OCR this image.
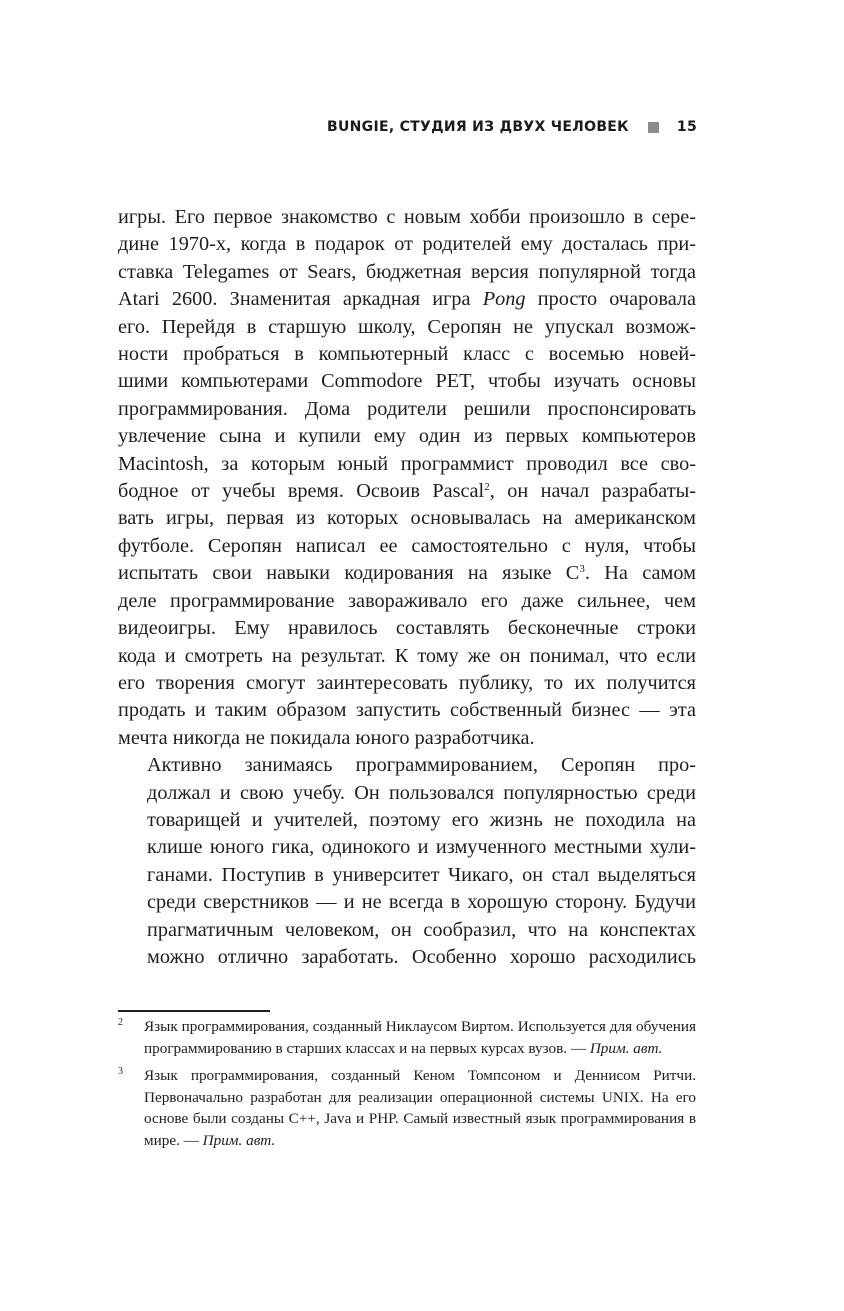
BUNGIE, СТУДИЯ ИЗ ДВУХ ЧЕЛОВЕК	15

игры. Его первое знакомство с новым хобби произошло в сере-
дине 1970-х, когда в подарок от родителей ему досталась при-
ставка Telegames от Sears, бюджетная версия популярной тогда
Atari 2600. Знаменитая аркадная игра Pong просто очаровала
его. Перейдя в старшую школу, Серопян не упускал возмож-
ности пробраться в компьютерный класс с восемью новей-
шими компьютерами Commodore PET, чтобы изучать основы
программирования. Дома родители решили проспонсировать
увлечение сына и купили ему один из первых компьютеров
Macintosh, за которым юный программист проводил все сво-
бодное от учебы время. Освоив Pascal$^2$, он начал разрабаты-
вать игры, первая из которых основывалась на американском
футболе. Серопян написал ее самостоятельно с нуля, чтобы
испытать свои навыки кодирования на языке $C^3$. На самом
деле программирование завораживало его даже сильнее, чем
видеоигры. Ему нравилось составлять бесконечные строки
кода и смотреть на результат. К тому же он понимал, что если
его творения смогут заинтересовать публику, то их получится
продать и таким образом запустить собственный бизнес — эта
мечта никогда не покидала юного разработчика.

Активно занимаясь программированием, Серопян про-
должал и свою учебу. Он пользовался популярностью среди
товарищей и учителей, поэтому его жизнь не походила на
клише юного гика, одинокого и измученного местными хули-
ганами. Поступив в университет Чикаго, он стал выделяться
среди сверстников — и не всегда в хорошую сторону. Будучи
прагматичным человеком, он сообразил, что на конспектах
можно отлично заработать. Особенно хорошо расходились

2 Язык программирования, созданный Никлаусом Виртом. Используется для обучения программированию в старших классах и на первых курсах вузов. — Прим. авт.

3 Язык программирования, созданный Кеном Томпсоном и Деннисом Ритчи. Первоначально разработан для реализации операционной системы UNIX. На его основе были созданы С++, Java и PHP. Самый известный язык программирования в мире. — Прим. авт.
